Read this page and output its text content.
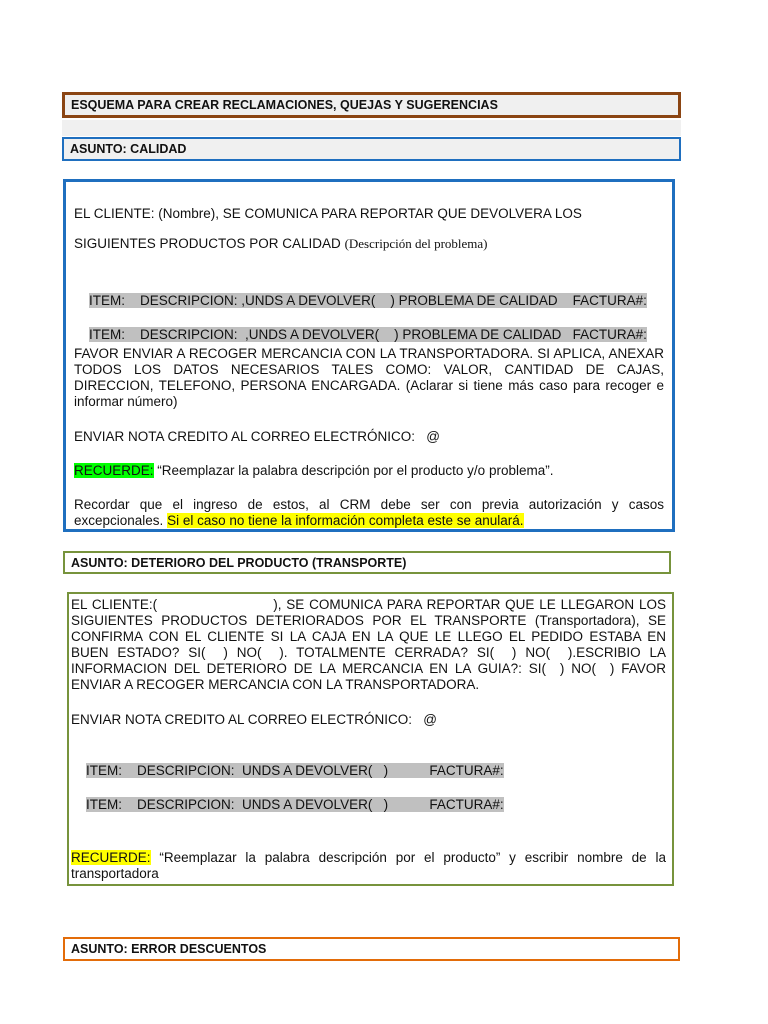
ESQUEMA PARA CREAR RECLAMACIONES, QUEJAS Y SUGERENCIAS
ASUNTO: CALIDAD

EL CLIENTE: (Nombre), SE COMUNICA PARA REPORTAR QUE DEVOLVERA LOS

SIGUIENTES PRODUCTOS POR CALIDAD (Descripción del problema)

ITEM:    DESCRIPCION: ,UNDS A DEVOLVER(    ) PROBLEMA DE CALIDAD    FACTURA#:

ITEM:    DESCRIPCION:  ,UNDS A DEVOLVER(    ) PROBLEMA DE CALIDAD   FACTURA#:

FAVOR ENVIAR A RECOGER MERCANCIA CON LA TRANSPORTADORA. SI APLICA, ANEXAR TODOS LOS DATOS NECESARIOS TALES COMO: VALOR, CANTIDAD DE CAJAS, DIRECCION, TELEFONO, PERSONA ENCARGADA. (Aclarar si tiene más caso para recoger e informar número)

ENVIAR NOTA CREDITO AL CORREO ELECTRÓNICO:   @

RECUERDE: “Reemplazar la palabra descripción por el producto y/o problema”.

Recordar que el ingreso de estos, al CRM debe ser con previa autorización y casos excepcionales. Si el caso no tiene la información completa este se anulará.

ASUNTO: DETERIORO DEL PRODUCTO (TRANSPORTE)

EL CLIENTE:(                        ), SE COMUNICA PARA REPORTAR QUE LE LLEGARON LOS SIGUIENTES PRODUCTOS DETERIORADOS POR EL TRANSPORTE (Transportadora), SE CONFIRMA CON EL CLIENTE SI LA CAJA EN LA QUE LE LLEGO EL PEDIDO ESTABA EN BUEN ESTADO? SI(  ) NO(  ). TOTALMENTE CERRADA? SI(  ) NO(  ).ESCRIBIO LA INFORMACION DEL DETERIORO DE LA MERCANCIA EN LA GUIA?: SI(  ) NO(  ) FAVOR ENVIAR A RECOGER MERCANCIA CON LA TRANSPORTADORA.

ENVIAR NOTA CREDITO AL CORREO ELECTRÓNICO:   @

ITEM:    DESCRIPCION:  UNDS A DEVOLVER(   )           FACTURA#:

ITEM:    DESCRIPCION:  UNDS A DEVOLVER(   )           FACTURA#:

RECUERDE: “Reemplazar la palabra descripción por el producto” y escribir nombre de la transportadora

ASUNTO: ERROR DESCUENTOS
